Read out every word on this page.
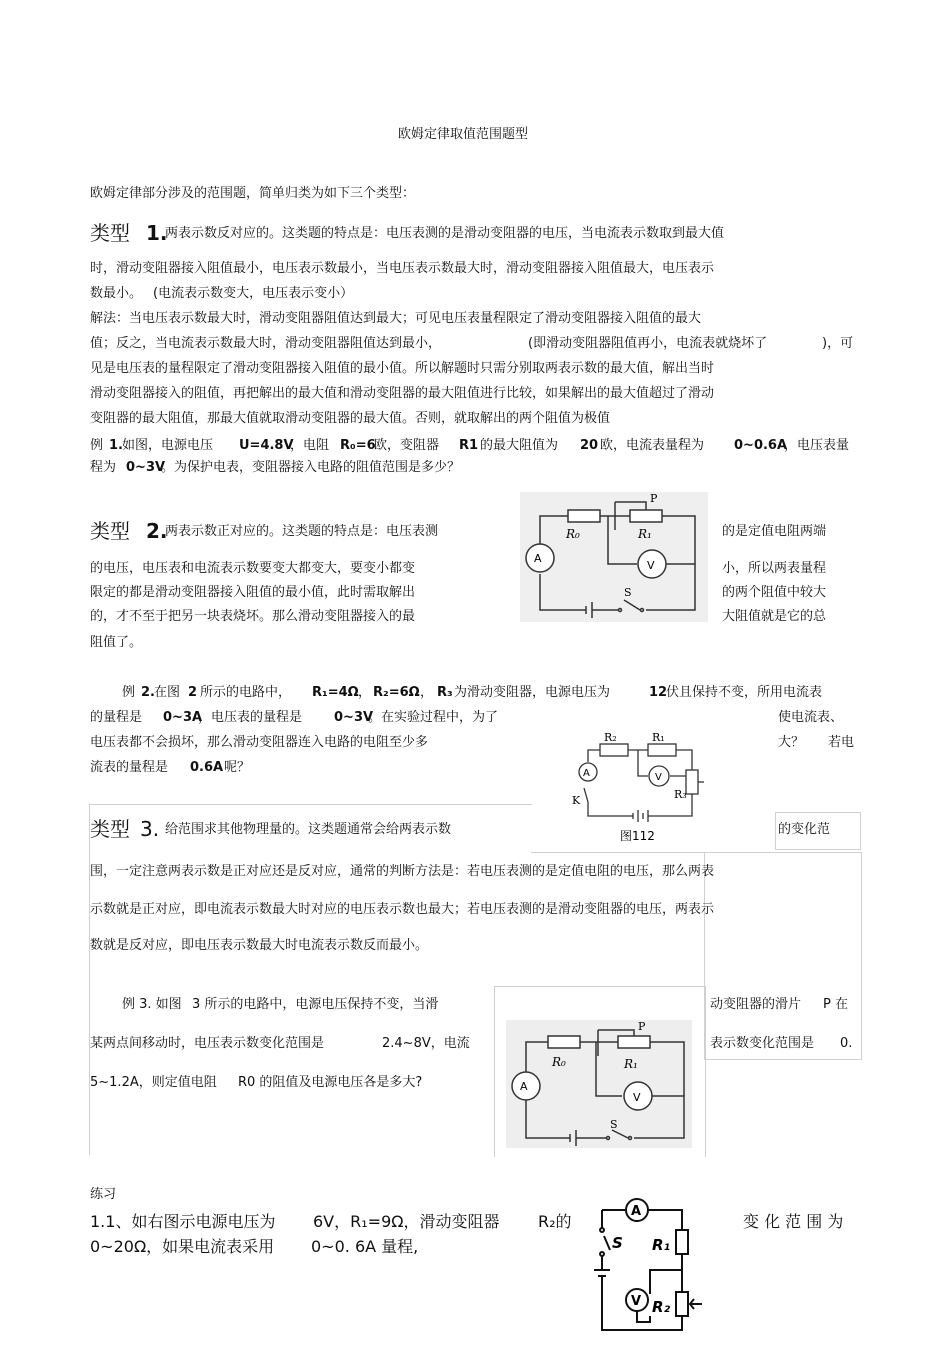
欧姆定律取值范围题型
欧姆定律部分涉及的范围题，简单归类为如下三个类型：
类型 1.
两表示数反对应的。这类题的特点是：电压表测的是滑动变阻器的电压，当电流表示数取到最大值
时，滑动变阻器接入阻值最小，电压表示数最小，当电压表示数最大时，滑动变阻器接入阻值最大，电压表示
数最小。 (电流表示数变大，电压表示变小）
解法：当电压表示数最大时，滑动变阻器阻值达到最大；可见电压表量程限定了滑动变阻器接入阻值的最大
值；反之，当电流表示数最大时，滑动变阻器阻值达到最小，	(即滑动变阻器阻值再小，电流表就烧坏了	)，可
见是电压表的量程限定了滑动变阻器接入阻值的最小值。所以解题时只需分别取两表示数的最大值，解出当时
滑动变阻器接入的阻值，再把解出的最大值和滑动变阻器的最大阻值进行比较，如果解出的最大值超过了滑动
变阻器的最大阻值，那最大值就取滑动变阻器的最大值。否则，就取解出的两个阻值为极值
例 1. 如图，电源电压 U=4.8V
，电阻 R₀=6
欧，变阻器 R1 的最大阻值为 20 欧，电流表量程为 0~0.6A
，电压表量
程为 0~3V
。为保护电表，变阻器接入电路的阻值范围是多少？
R₀	R₁
P
A
V
S
类型 2.
两表示数正对应的。这类题的特点是：电压表测	的是定值电阻两端
的电压，电压表和电流表示数要变大都变大，要变小都变	小，所以两表量程
限定的都是滑动变阻器接入阻值的最小值，此时需取解出	的两个阻值中较大
的，才不至于把另一块表烧坏。那么滑动变阻器接入的最	大阻值就是它的总
阻值了。
例 2. 在图 2 所示的电路中， R₁=4Ω ， R₂=6Ω ， R₃ 为滑动变阻器，电源电压为	12
伏且保持不变，所用电流表
的量程是 0~3A
，电压表的量程是 0~3V
。在实验过程中，为了	使电流表、
电压表都不会损坏，那么滑动变阻器连入电路的电阻至少多	大？ 若电
流表的量程是 0.6A 呢？
R₂	R₁
R₃
A	V
K
图112
类型 3. 给范围求其他物理量的。这类题通常会给两表示数	的变化范
围，一定注意两表示数是正对应还是反对应，通常的判断方法是：若电压表测的是定值电阻的电压，那么两表
示数就是正对应，即电流表示数最大时对应的电压表示数也最大；若电压表测的是滑动变阻器的电压，两表示
数就是反对应，即电压表示数最大时电流表示数反而最小。
例 3. 如图 3 所示的电路中，电源电压保持不变，当滑	动变阻器的滑片 P 在
某两点间移动时，电压表示数变化范围是	2.4~8V，电流	表示数变化范围是 0.
5~1.2A，则定值电阻 R0 的阻值及电源电压各是多大?
R₀	R₁
P
A
V
S
练习
1.1、如右图示电源电压为 6V，R₁=9Ω，滑动变阻器 R₂的	变 化 范 围 为
0~20Ω，如果电流表采用 0~0. 6A 量程,
A
V
R₁
R₂
S
